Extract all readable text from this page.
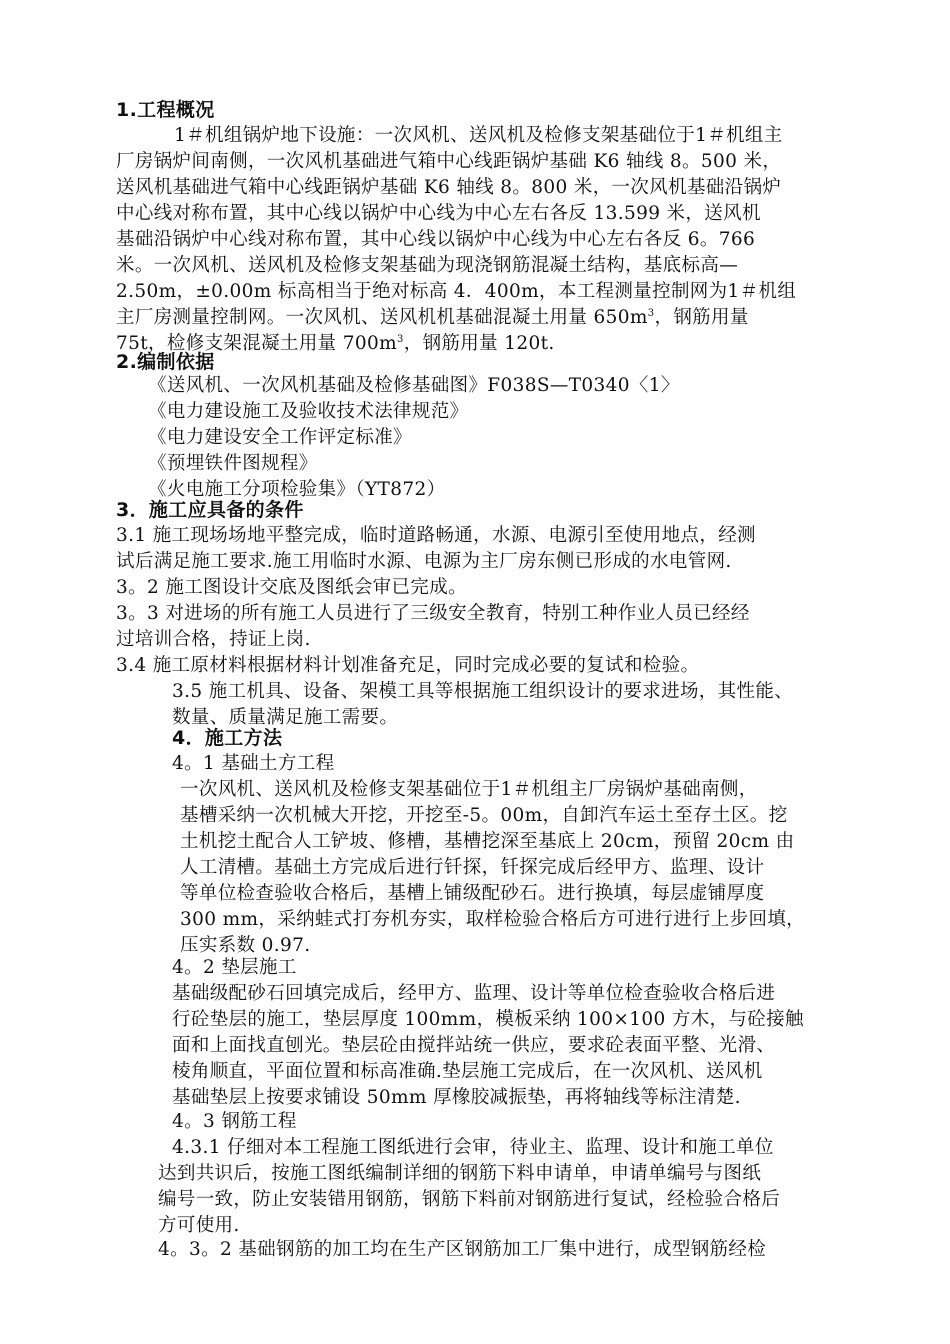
1.工程概况
1＃机组锅炉地下设施：一次风机、送风机及检修支架基础位于1＃机组主
厂房锅炉间南侧，一次风机基础进气箱中心线距锅炉基础 K6 轴线 8。500 米，
送风机基础进气箱中心线距锅炉基础 K6 轴线 8。800 米，一次风机基础沿锅炉
中心线对称布置，其中心线以锅炉中心线为中心左右各反 13.599 米，送风机
基础沿锅炉中心线对称布置，其中心线以锅炉中心线为中心左右各反 6。766
米。一次风机、送风机及检修支架基础为现浇钢筋混凝土结构，基底标高—
2.50m，±0.00m 标高相当于绝对标高 4．400m，本工程测量控制网为1＃机组
主厂房测量控制网。一次风机、送风机机基础混凝土用量 $650m^3$，钢筋用量
75t，检修支架混凝土用量 $700m^3$，钢筋用量 120t.
2.编制依据
《送风机、一次风机基础及检修基础图》F038S—T0340〈1〉
《电力建设施工及验收技术法律规范》
《电力建设安全工作评定标准》
《预埋铁件图规程》
《火电施工分项检验集》（YT872）
3．施工应具备的条件
3.1 施工现场场地平整完成，临时道路畅通，水源、电源引至使用地点，经测
试后满足施工要求.施工用临时水源、电源为主厂房东侧已形成的水电管网.
3。2 施工图设计交底及图纸会审已完成。
3。3 对进场的所有施工人员进行了三级安全教育，特别工种作业人员已经经
过培训合格，持证上岗.
3.4 施工原材料根据材料计划准备充足，同时完成必要的复试和检验。
3.5 施工机具、设备、架模工具等根据施工组织设计的要求进场，其性能、
数量、质量满足施工需要。
4．施工方法
4。1 基础土方工程
一次风机、送风机及检修支架基础位于1＃机组主厂房锅炉基础南侧，
基槽采纳一次机械大开挖，开挖至-5。00m，自卸汽车运土至存土区。挖
土机挖土配合人工铲坡、修槽，基槽挖深至基底上 20cm，预留 20cm 由
人工清槽。基础土方完成后进行钎探，钎探完成后经甲方、监理、设计
等单位检查验收合格后，基槽上铺级配砂石。进行换填，每层虚铺厚度
300 mm，采纳蛙式打夯机夯实，取样检验合格后方可进行进行上步回填，
压实系数 0.97.
4。2 垫层施工
基础级配砂石回填完成后，经甲方、监理、设计等单位检查验收合格后进
行砼垫层的施工，垫层厚度 100mm，模板采纳 100×100 方木，与砼接触
面和上面找直刨光。垫层砼由搅拌站统一供应，要求砼表面平整、光滑、
棱角顺直，平面位置和标高准确.垫层施工完成后，在一次风机、送风机
基础垫层上按要求铺设 50mm 厚橡胶减振垫，再将轴线等标注清楚.
4。3 钢筋工程
4.3.1 仔细对本工程施工图纸进行会审，待业主、监理、设计和施工单位
达到共识后，按施工图纸编制详细的钢筋下料申请单，申请单编号与图纸
编号一致，防止安装错用钢筋，钢筋下料前对钢筋进行复试，经检验合格后
方可使用.
4。3。2 基础钢筋的加工均在生产区钢筋加工厂集中进行，成型钢筋经检
